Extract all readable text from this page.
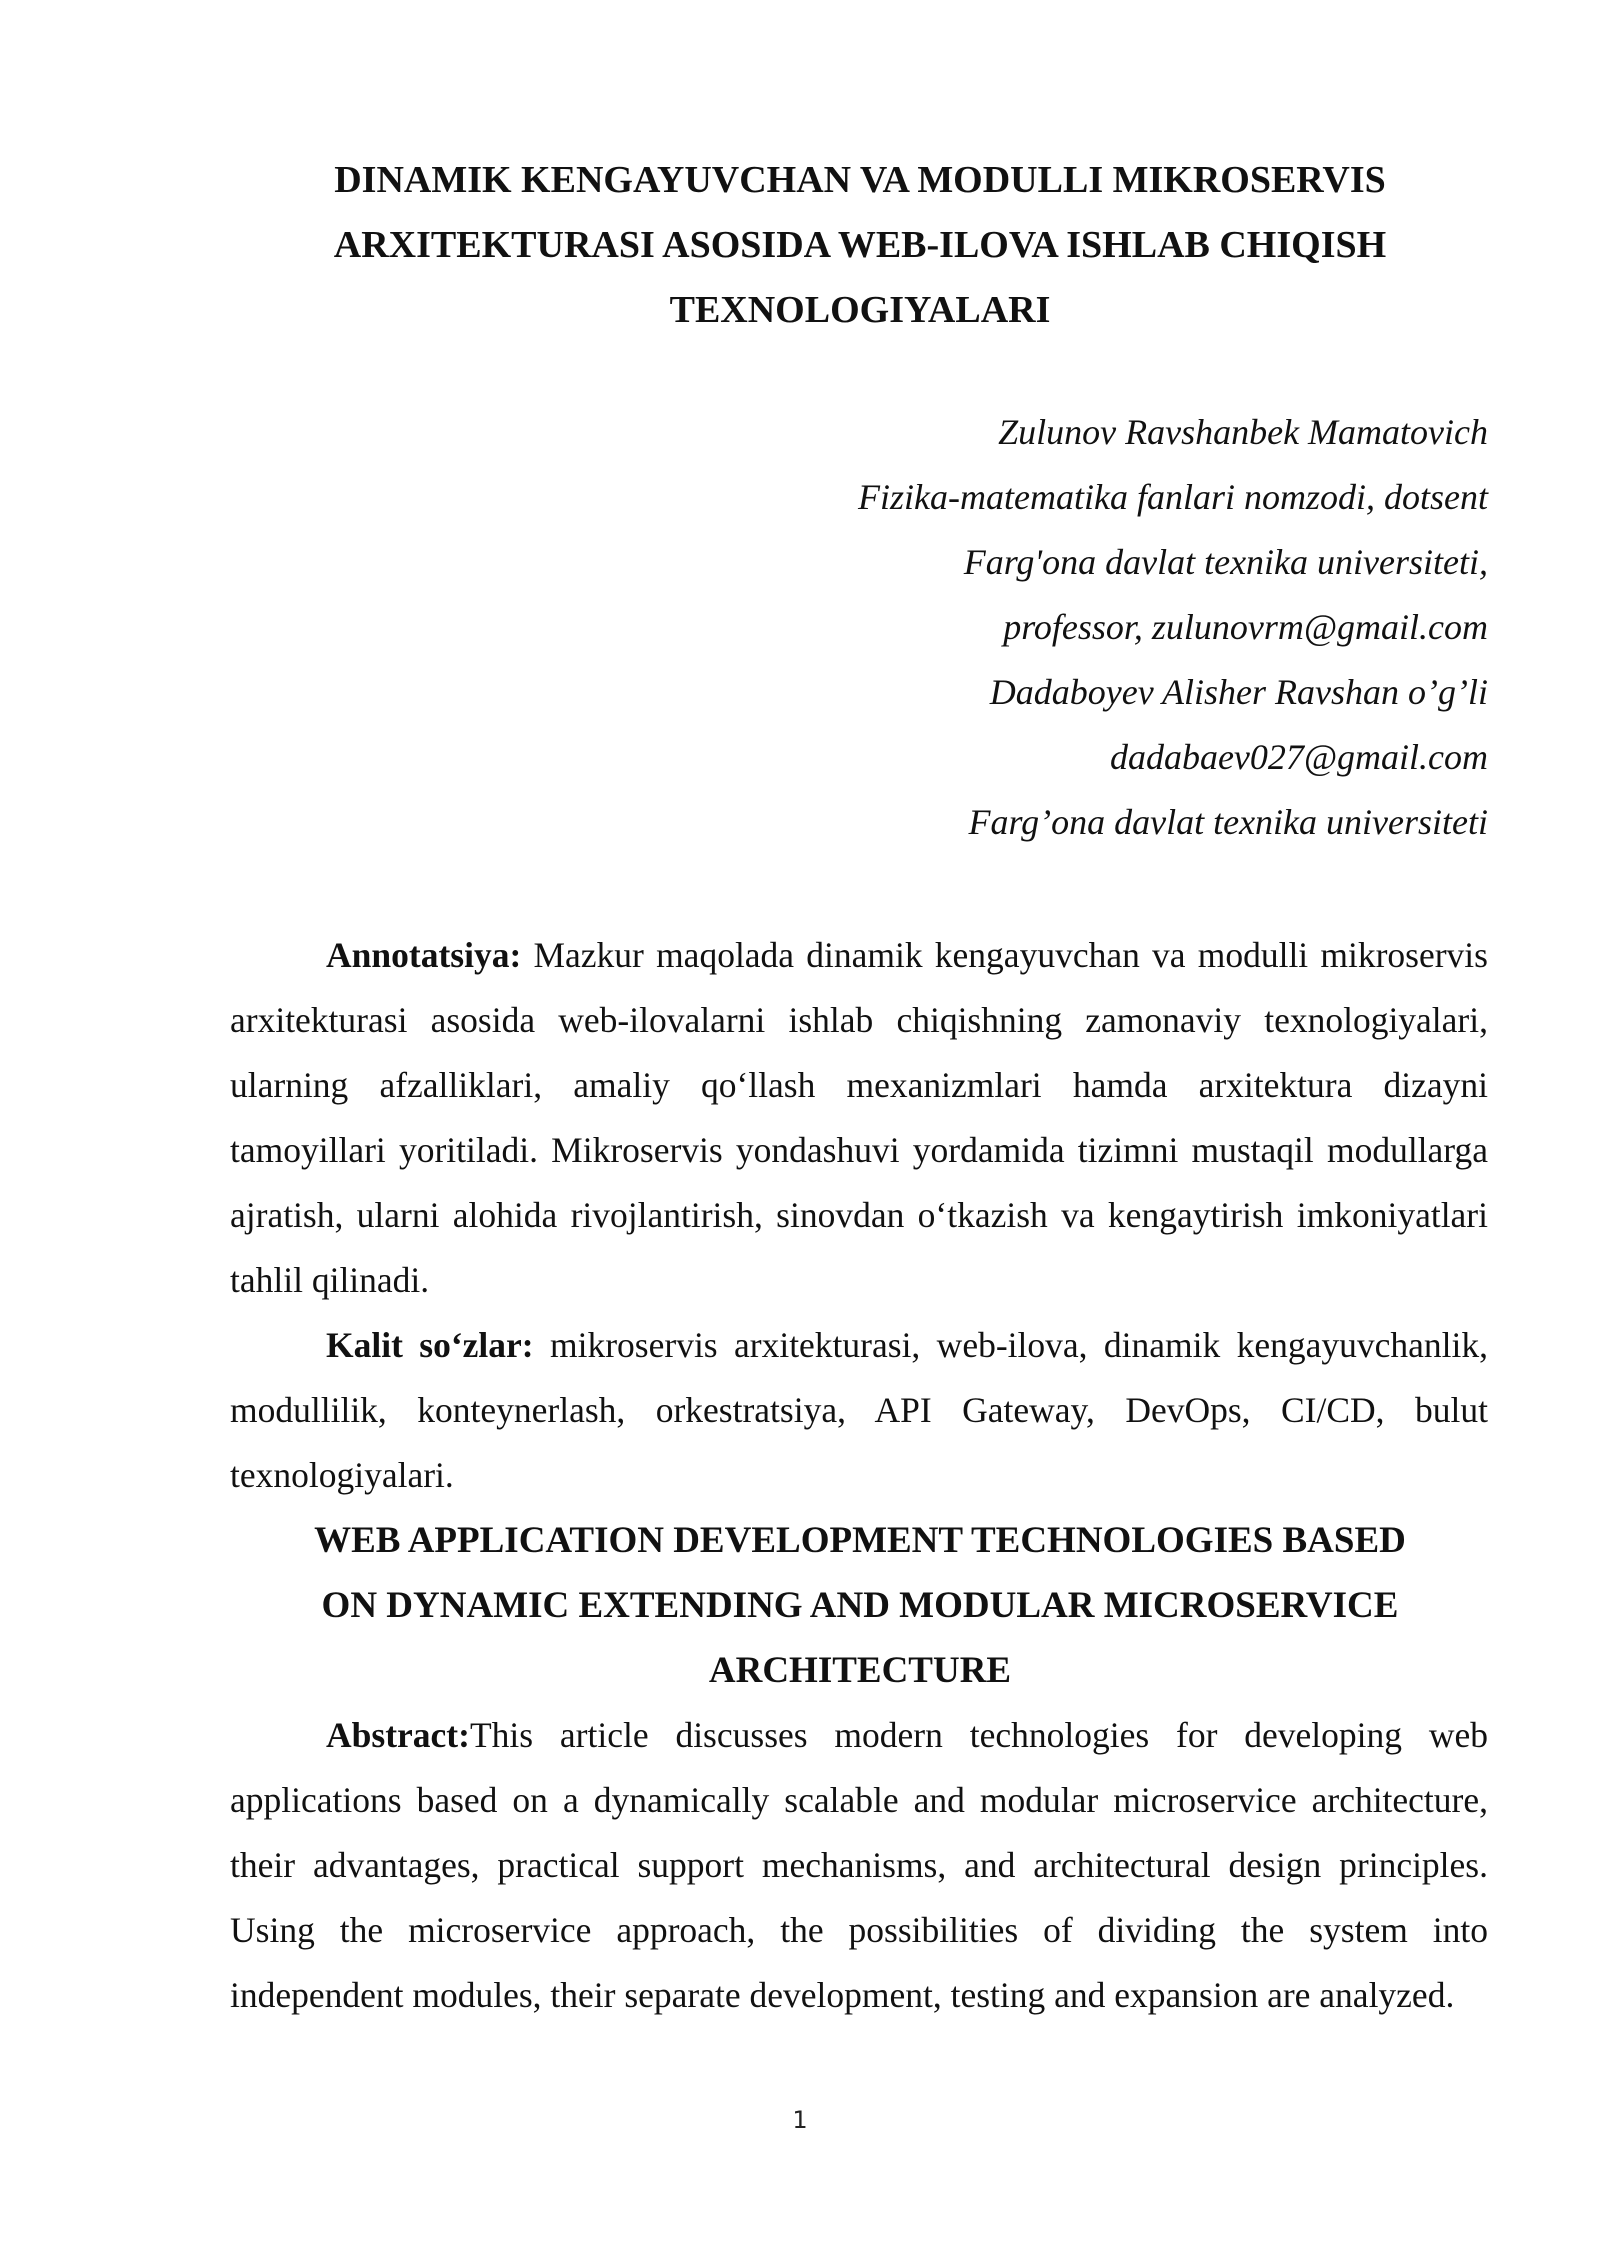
DINAMIK KENGAYUVCHAN VA MODULLI MIKROSERVIS
ARXITEKTURASI ASOSIDA WEB-ILOVA ISHLAB CHIQISH
TEXNOLOGIYALARI
Zulunov Ravshanbek Mamatovich
Fizika-matematika fanlari nomzodi, dotsent
Farg'ona davlat texnika universiteti,
professor, zulunovrm@gmail.com
Dadaboyev Alisher Ravshan o’g’li
dadabaev027@gmail.com
Farg’ona davlat texnika universiteti

Annotatsiya: Mazkur maqolada dinamik kengayuvchan va modulli mikroservis arxitekturasi asosida web-ilovalarni ishlab chiqishning zamonaviy texnologiyalari, ularning afzalliklari, amaliy qo‘llash mexanizmlari hamda arxitektura dizayni tamoyillari yoritiladi. Mikroservis yondashuvi yordamida tizimni mustaqil modullarga ajratish, ularni alohida rivojlantirish, sinovdan o‘tkazish va kengaytirish imkoniyatlari tahlil qilinadi.

Kalit so‘zlar: mikroservis arxitekturasi, web-ilova, dinamik kengayuvchanlik, modullilik, konteynerlash, orkestratsiya, API Gateway, DevOps, CI/CD, bulut texnologiyalari.

WEB APPLICATION DEVELOPMENT TECHNOLOGIES BASED
ON DYNAMIC EXTENDING AND MODULAR MICROSERVICE
ARCHITECTURE

Abstract:This article discusses modern technologies for developing web applications based on a dynamically scalable and modular microservice architecture, their advantages, practical support mechanisms, and architectural design principles. Using the microservice approach, the possibilities of dividing the system into independent modules, their separate development, testing and expansion are analyzed.

1
